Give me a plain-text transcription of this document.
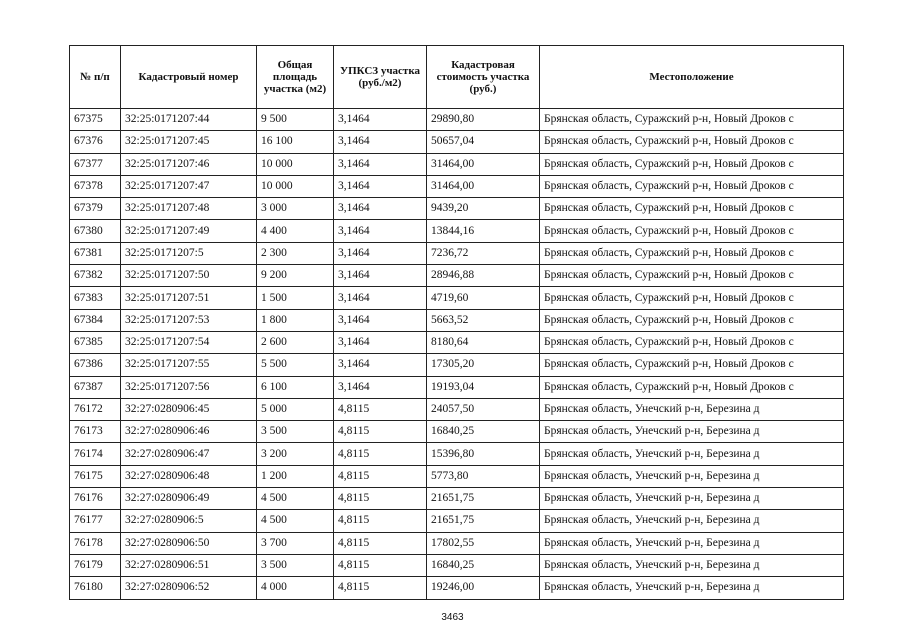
№ п/п	Кадастровый номер	Общая площадь участка (м2)	УПКСЗ участка (руб./м2)	Кадастровая стоимость участка (руб.)	Местоположение
67375	32:25:0171207:44	9 500	3,1464	29890,80	Брянская область, Суражский р-н, Новый Дроков с
67376	32:25:0171207:45	16 100	3,1464	50657,04	Брянская область, Суражский р-н, Новый Дроков с
67377	32:25:0171207:46	10 000	3,1464	31464,00	Брянская область, Суражский р-н, Новый Дроков с
67378	32:25:0171207:47	10 000	3,1464	31464,00	Брянская область, Суражский р-н, Новый Дроков с
67379	32:25:0171207:48	3 000	3,1464	9439,20	Брянская область, Суражский р-н, Новый Дроков с
67380	32:25:0171207:49	4 400	3,1464	13844,16	Брянская область, Суражский р-н, Новый Дроков с
67381	32:25:0171207:5	2 300	3,1464	7236,72	Брянская область, Суражский р-н, Новый Дроков с
67382	32:25:0171207:50	9 200	3,1464	28946,88	Брянская область, Суражский р-н, Новый Дроков с
67383	32:25:0171207:51	1 500	3,1464	4719,60	Брянская область, Суражский р-н, Новый Дроков с
67384	32:25:0171207:53	1 800	3,1464	5663,52	Брянская область, Суражский р-н, Новый Дроков с
67385	32:25:0171207:54	2 600	3,1464	8180,64	Брянская область, Суражский р-н, Новый Дроков с
67386	32:25:0171207:55	5 500	3,1464	17305,20	Брянская область, Суражский р-н, Новый Дроков с
67387	32:25:0171207:56	6 100	3,1464	19193,04	Брянская область, Суражский р-н, Новый Дроков с
76172	32:27:0280906:45	5 000	4,8115	24057,50	Брянская область, Унечский р-н, Березина д
76173	32:27:0280906:46	3 500	4,8115	16840,25	Брянская область, Унечский р-н, Березина д
76174	32:27:0280906:47	3 200	4,8115	15396,80	Брянская область, Унечский р-н, Березина д
76175	32:27:0280906:48	1 200	4,8115	5773,80	Брянская область, Унечский р-н, Березина д
76176	32:27:0280906:49	4 500	4,8115	21651,75	Брянская область, Унечский р-н, Березина д
76177	32:27:0280906:5	4 500	4,8115	21651,75	Брянская область, Унечский р-н, Березина д
76178	32:27:0280906:50	3 700	4,8115	17802,55	Брянская область, Унечский р-н, Березина д
76179	32:27:0280906:51	3 500	4,8115	16840,25	Брянская область, Унечский р-н, Березина д
76180	32:27:0280906:52	4 000	4,8115	19246,00	Брянская область, Унечский р-н, Березина д
3463
